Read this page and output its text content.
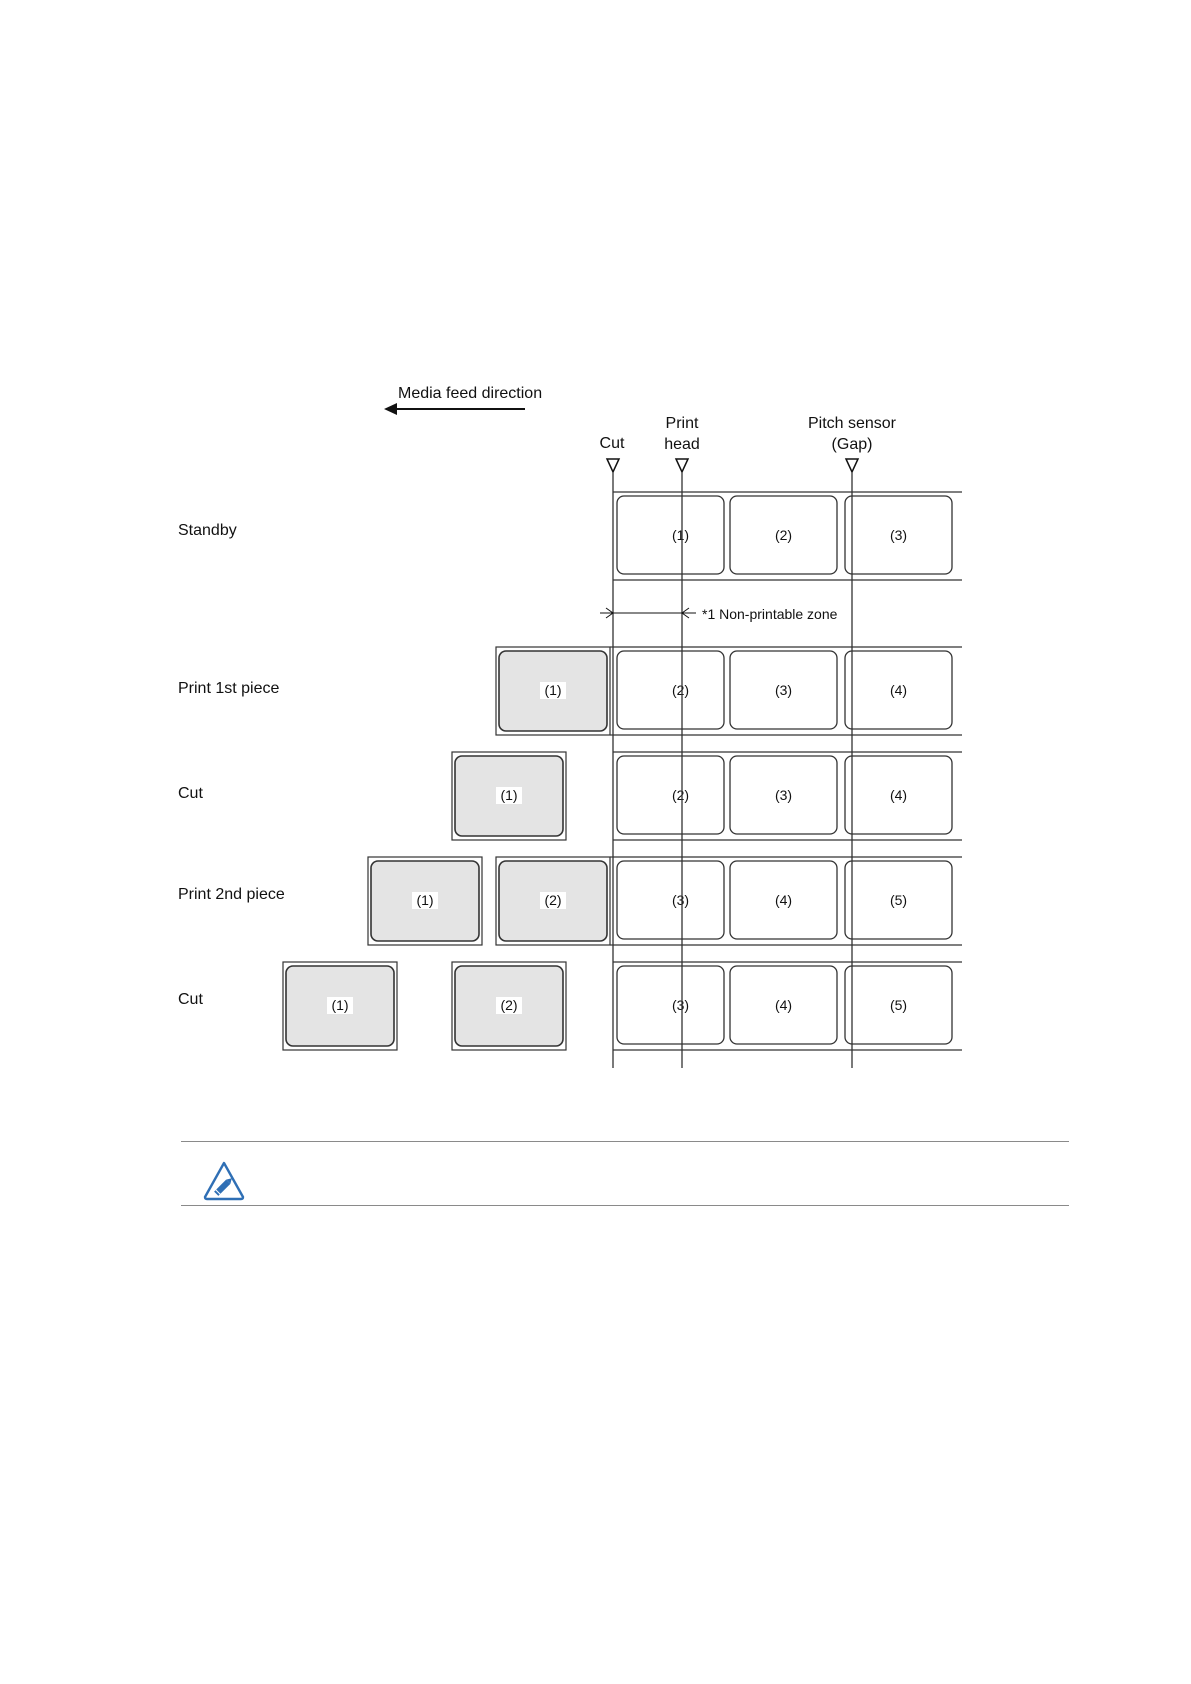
Media feed direction
Cut
Print
head
Pitch sensor
(Gap)
Standby	(1)	(2)	(3)
Print 1st piece	(2)	(3)	(4)
(1)
Cut	(2)	(3)	(4)
(1)
Print 2nd piece	(3)	(4)	(5)
(1)	(2)
Cut	(3)	(4)	(5)
(1)	(2)
*1 Non-printable zone
